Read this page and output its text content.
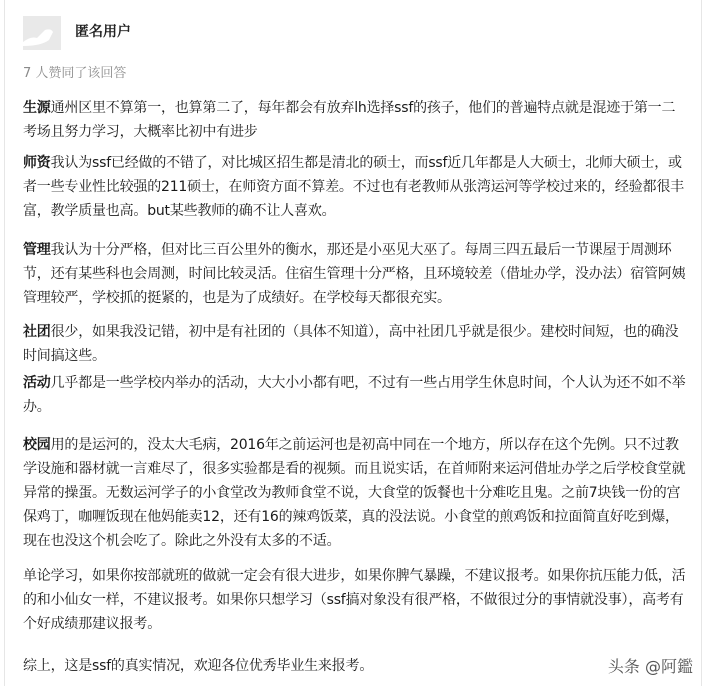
匿名用户
7 人赞同了该回答
生源通州区里不算第一，也算第二了，每年都会有放弃lh选择ssf的孩子，他们的普遍特点就是混迹于第一二考场且努力学习，大概率比初中有进步
师资我认为ssf已经做的不错了，对比城区招生都是清北的硕士，而ssf近几年都是人大硕士，北师大硕士，或者一些专业性比较强的211硕士，在师资方面不算差。不过也有老教师从张湾运河等学校过来的，经验都很丰富，教学质量也高。but某些教师的确不让人喜欢。
管理我认为十分严格，但对比三百公里外的衡水，那还是小巫见大巫了。每周三四五最后一节课屋于周测环节，还有某些科也会周测，时间比较灵活。住宿生管理十分严格，且环境较差（借址办学，没办法）宿管阿姨管理较严，学校抓的挺紧的，也是为了成绩好。在学校每天都很充实。
社团很少，如果我没记错，初中是有社团的（具体不知道），高中社团几乎就是很少。建校时间短，也的确没时间搞这些。
活动几乎都是一些学校内举办的活动，大大小小都有吧，不过有一些占用学生休息时间，个人认为还不如不举办。
校园用的是运河的，没太大毛病，2016年之前运河也是初高中同在一个地方，所以存在这个先例。只不过教学设施和器材就一言难尽了，很多实验都是看的视频。而且说实话，在首师附来运河借址办学之后学校食堂就异常的操蛋。无数运河学子的小食堂改为教师食堂不说，大食堂的饭餐也十分难吃且鬼。之前7块钱一份的宫保鸡丁，咖喱饭现在他妈能卖12，还有16的辣鸡饭菜，真的没法说。小食堂的煎鸡饭和拉面简直好吃到爆，现在也没这个机会吃了。除此之外没有太多的不适。
单论学习，如果你按部就班的做就一定会有很大进步，如果你脾气暴躁，不建议报考。如果你抗压能力低，活的和小仙女一样，不建议报考。如果你只想学习（ssf搞对象没有很严格，不做很过分的事情就没事），高考有个好成绩那建议报考。
综上，这是ssf的真实情况，欢迎各位优秀毕业生来报考。	头条 @阿鑑
